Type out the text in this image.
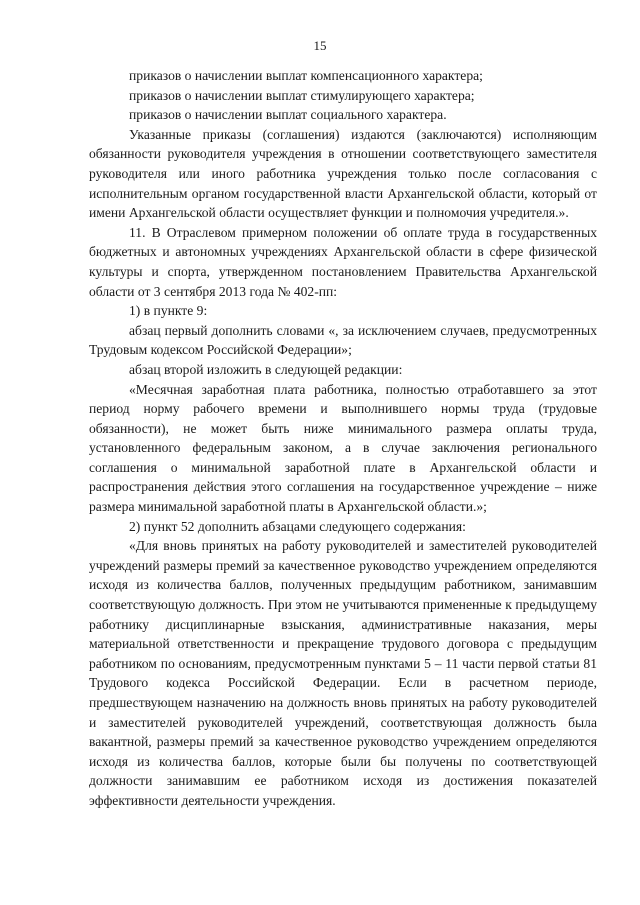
15

приказов о начислении выплат компенсационного характера;

приказов о начислении выплат стимулирующего характера;

приказов о начислении выплат социального характера.

Указанные приказы (соглашения) издаются (заключаются) исполняющим обязанности руководителя учреждения в отношении соответствующего заместителя руководителя или иного работника учреждения только после согласования с исполнительным органом государственной власти Архангельской области, который от имени Архангельской области осуществляет функции и полномочия учредителя.».

11. В Отраслевом примерном положении об оплате труда в государственных бюджетных и автономных учреждениях Архангельской области в сфере физической культуры и спорта, утвержденном постановлением Правительства Архангельской области от 3 сентября 2013 года № 402-пп:

1) в пункте 9:

абзац первый дополнить словами «, за исключением случаев, предусмотренных Трудовым кодексом Российской Федерации»;

абзац второй изложить в следующей редакции:

«Месячная заработная плата работника, полностью отработавшего за этот период норму рабочего времени и выполнившего нормы труда (трудовые обязанности), не может быть ниже минимального размера оплаты труда, установленного федеральным законом, а в случае заключения регионального соглашения о минимальной заработной плате в Архангельской области и распространения действия этого соглашения на государственное учреждение – ниже размера минимальной заработной платы в Архангельской области.»;

2) пункт 52 дополнить абзацами следующего содержания:

«Для вновь принятых на работу руководителей и заместителей руководителей учреждений размеры премий за качественное руководство учреждением определяются исходя из количества баллов, полученных предыдущим работником, занимавшим соответствующую должность. При этом не учитываются примененные к предыдущему работнику дисциплинарные взыскания, административные наказания, меры материальной ответственности и прекращение трудового договора с предыдущим работником по основаниям, предусмотренным пунктами 5 – 11 части первой статьи 81 Трудового кодекса Российской Федерации. Если в расчетном периоде, предшествующем назначению на должность вновь принятых на работу руководителей и заместителей руководителей учреждений, соответствующая должность была вакантной, размеры премий за качественное руководство учреждением определяются исходя из количества баллов, которые были бы получены по соответствующей должности занимавшим ее работником исходя из достижения показателей эффективности деятельности учреждения.
